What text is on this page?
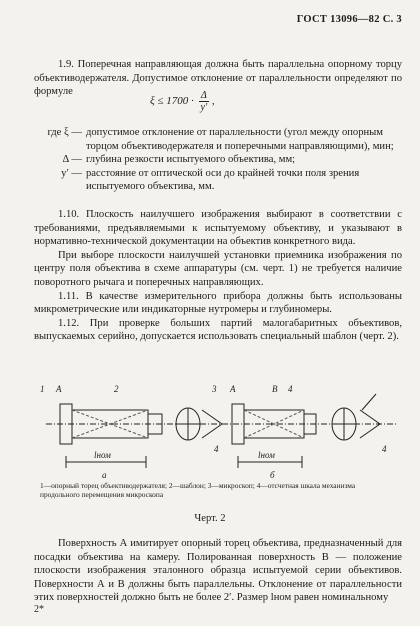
ГОСТ 13096—82 С. 3

1.9. Поперечная направляющая должна быть параллельна опорному торцу объективодержателя. Допустимое отклонение от параллельности определяют по формуле

$\xi \le 1700 \cdot \frac{\Delta}{y'}$ ,
где ξ — допустимое отклонение от параллельности (угол между опорным торцом объективодержателя и поперечными направляющими), мин;
Δ — глубина резкости испытуемого объектива, мм;
y′ — расстояние от оптической оси до крайней точки поля зрения испытуемого объектива, мм.

1.10. Плоскость наилучшего изображения выбирают в соответствии с требованиями, предъявляемыми к испытуемому объективу, и указывают в нормативно-технической документации на объектив конкретного вида.

При выборе плоскости наилучшей установки приемника изображения по центру поля объектива в схеме аппаратуры (см. черт. 1) не требуется наличие поворотного рычага и поперечных направляющих.

1.11. В качестве измерительного прибора должны быть использованы микрометрические или индикаторные нутромеры и глубиномеры.

1.12. При проверке больших партий малогабаритных объективов, выпускаемых серийно, допускается использовать специальный шаблон (черт. 2).

1 А	2	3 А	В 4
4	4
lном	lном
а	б
1—опорный торец объективодержателя; 2—шаблон; 3—микроскоп; 4—отсчетная шкала механизма продольного перемещения микроскопа
Черт. 2

Поверхность А имитирует опорный торец объектива, предназначенный для посадки объектива на камеру. Полированная поверхность В — положение плоскости изображения эталонного образца испытуемой серии объективов. Поверхности А и В должны быть параллельны. Отклонение от параллельности этих поверхностей должно быть не более 2′. Размер lном равен номинальному

2*
